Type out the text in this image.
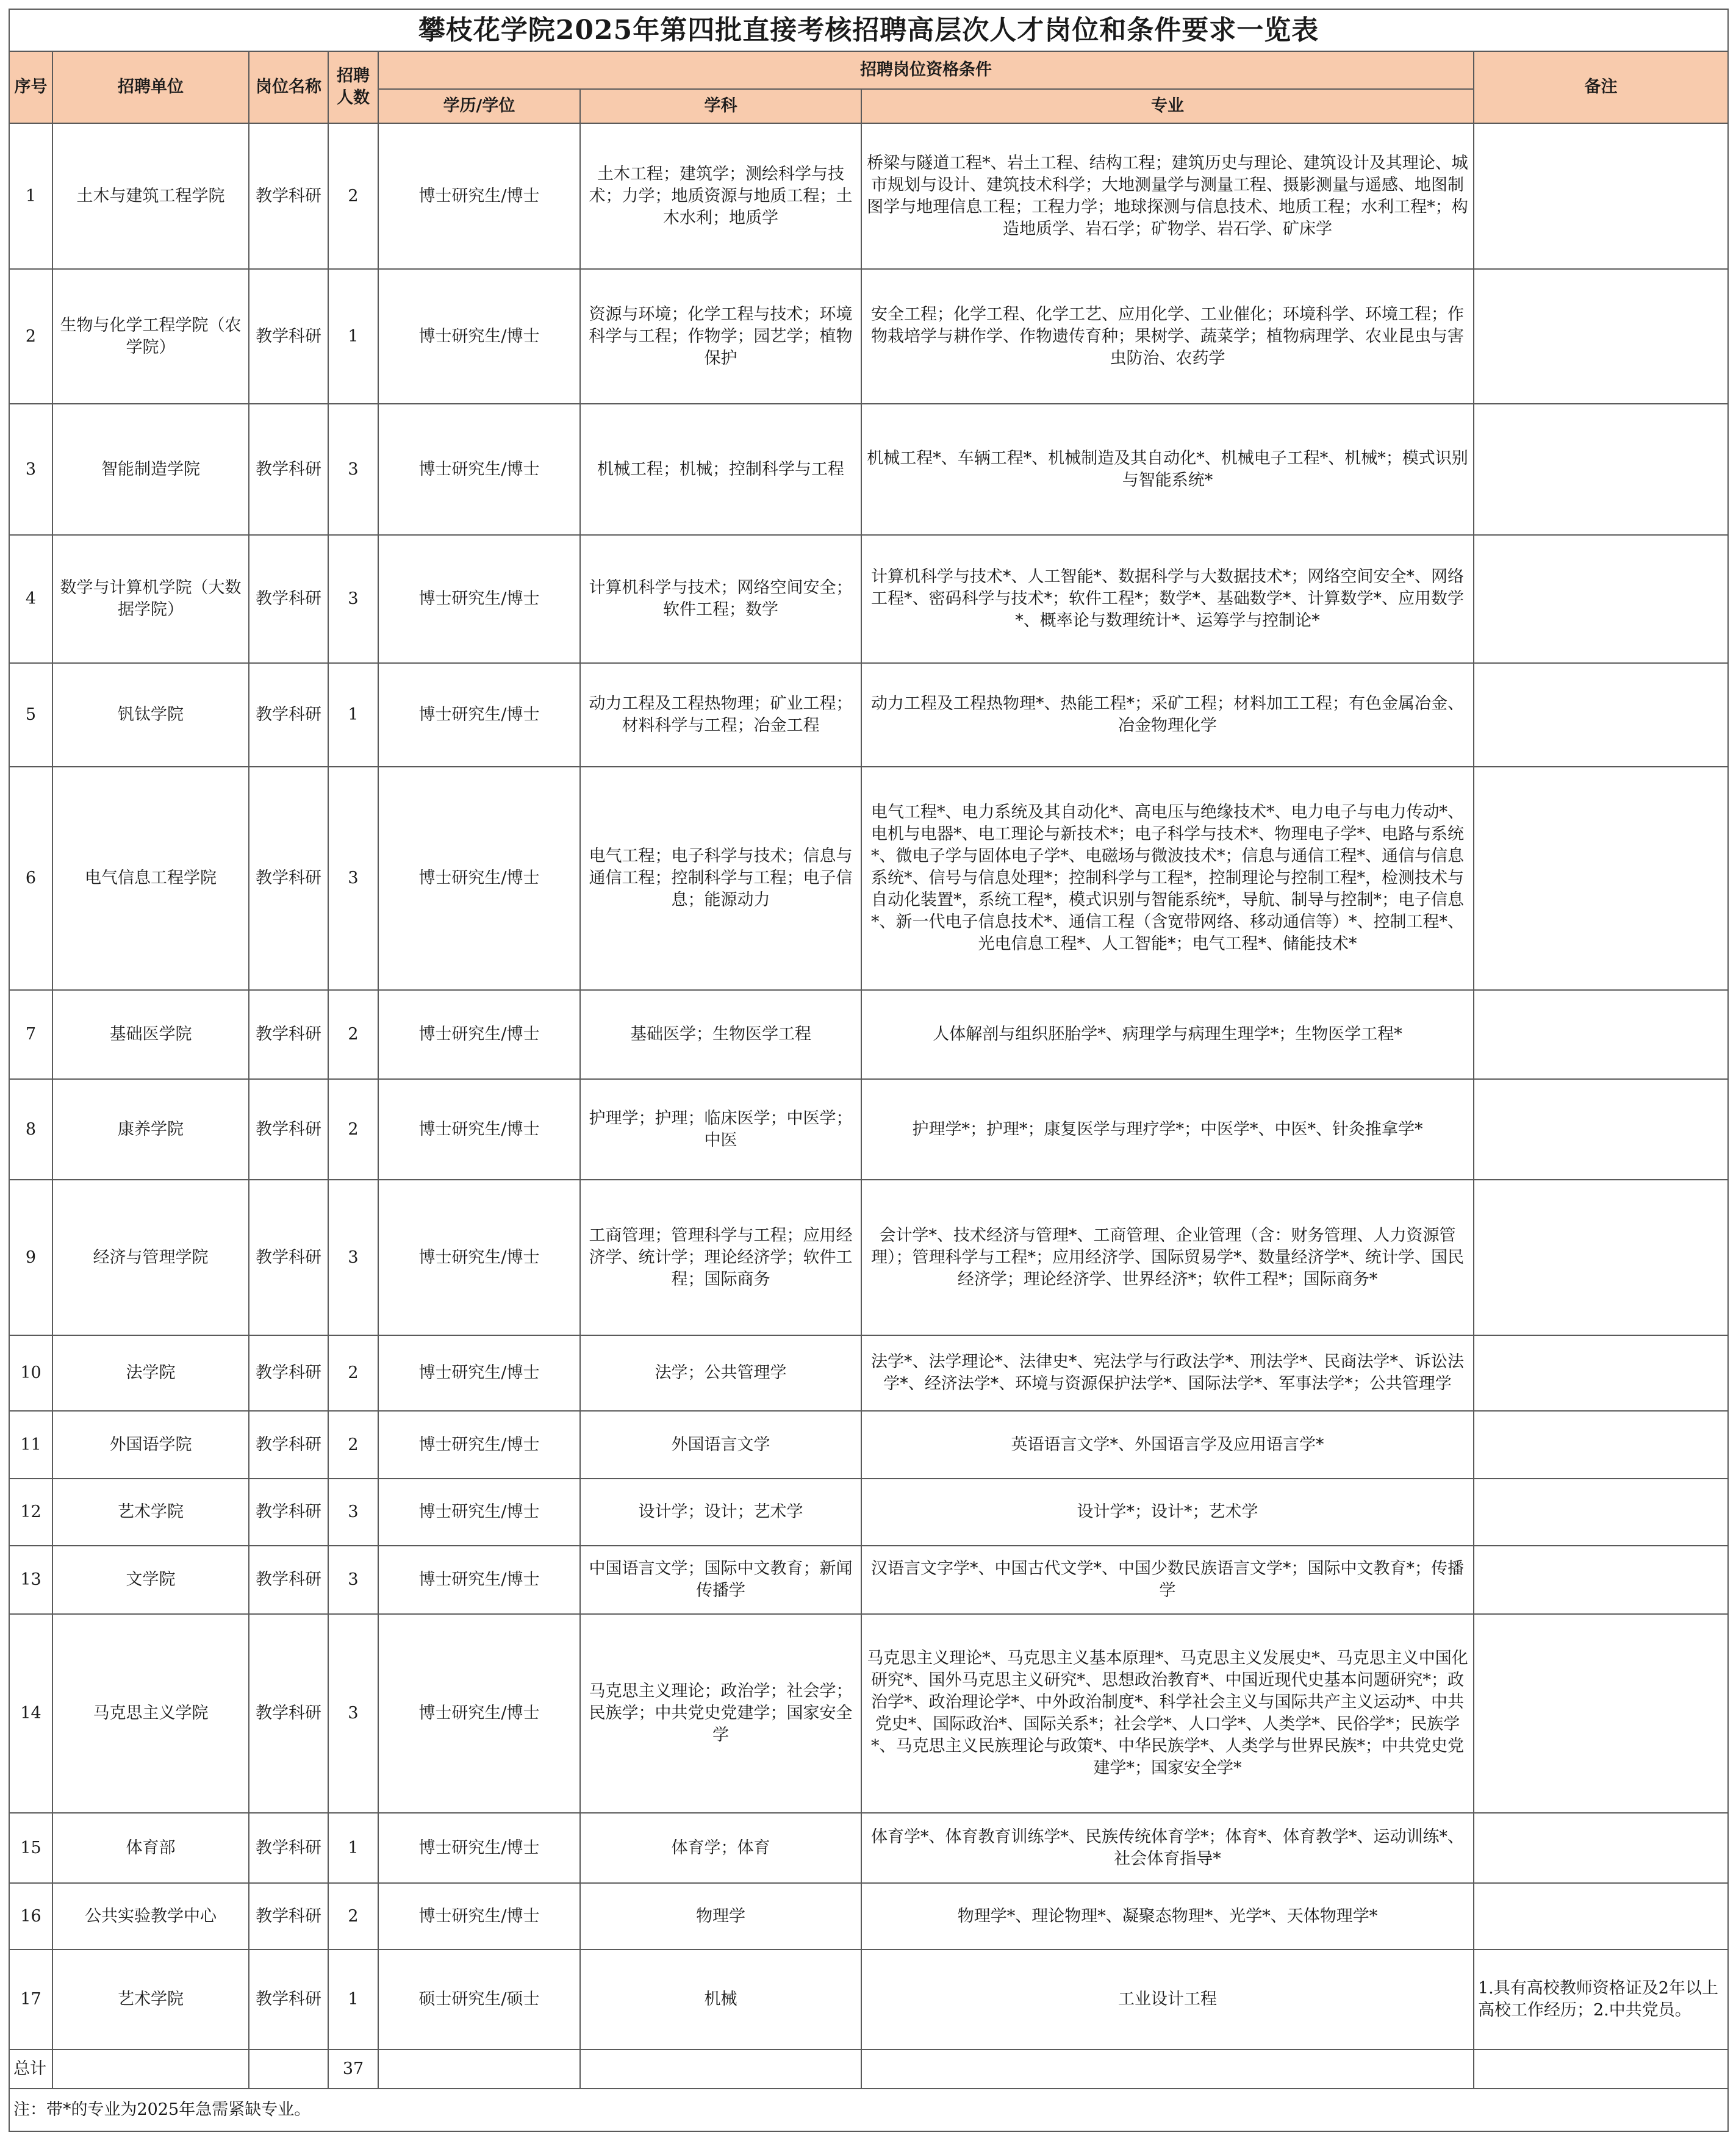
攀枝花学院2025年第四批直接考核招聘高层次人才岗位和条件要求一览表							
序号	招聘单位	岗位名称	招聘人数	招聘岗位资格条件			备注
				学历/学位	学科	专业	
1	土木与建筑工程学院	教学科研	2	博士研究生/博士	土木工程；建筑学；测绘科学与技术；力学；地质资源与地质工程；土木水利；地质学	桥梁与隧道工程*、岩土工程、结构工程；建筑历史与理论、建筑设计及其理论、城市规划与设计、建筑技术科学；大地测量学与测量工程、摄影测量与遥感、地图制图学与地理信息工程；工程力学；地球探测与信息技术、地质工程；水利工程*；构造地质学、岩石学；矿物学、岩石学、矿床学	
2	生物与化学工程学院（农学院）	教学科研	1	博士研究生/博士	资源与环境；化学工程与技术；环境科学与工程；作物学；园艺学；植物保护	安全工程；化学工程、化学工艺、应用化学、工业催化；环境科学、环境工程；作物栽培学与耕作学、作物遗传育种；果树学、蔬菜学；植物病理学、农业昆虫与害虫防治、农药学	
3	智能制造学院	教学科研	3	博士研究生/博士	机械工程；机械；控制科学与工程	机械工程*、车辆工程*、机械制造及其自动化*、机械电子工程*、机械*；模式识别与智能系统*	
4	数学与计算机学院（大数据学院）	教学科研	3	博士研究生/博士	计算机科学与技术；网络空间安全；软件工程；数学	计算机科学与技术*、人工智能*、数据科学与大数据技术*；网络空间安全*、网络工程*、密码科学与技术*；软件工程*；数学*、基础数学*、计算数学*、应用数学*、概率论与数理统计*、运筹学与控制论*	
5	钒钛学院	教学科研	1	博士研究生/博士	动力工程及工程热物理；矿业工程；材料科学与工程；冶金工程	动力工程及工程热物理*、热能工程*；采矿工程；材料加工工程；有色金属冶金、冶金物理化学	
6	电气信息工程学院	教学科研	3	博士研究生/博士	电气工程；电子科学与技术；信息与通信工程；控制科学与工程；电子信息；能源动力	电气工程*、电力系统及其自动化*、高电压与绝缘技术*、电力电子与电力传动*、电机与电器*、电工理论与新技术*；电子科学与技术*、物理电子学*、电路与系统*、微电子学与固体电子学*、电磁场与微波技术*；信息与通信工程*、通信与信息系统*、信号与信息处理*；控制科学与工程*，控制理论与控制工程*，检测技术与自动化装置*，系统工程*，模式识别与智能系统*，导航、制导与控制*；电子信息*、新一代电子信息技术*、通信工程（含宽带网络、移动通信等）*、控制工程*、光电信息工程*、人工智能*；电气工程*、储能技术*	
7	基础医学院	教学科研	2	博士研究生/博士	基础医学；生物医学工程	人体解剖与组织胚胎学*、病理学与病理生理学*；生物医学工程*	
8	康养学院	教学科研	2	博士研究生/博士	护理学；护理；临床医学；中医学；中医	护理学*；护理*；康复医学与理疗学*；中医学*、中医*、针灸推拿学*	
9	经济与管理学院	教学科研	3	博士研究生/博士	工商管理；管理科学与工程；应用经济学、统计学；理论经济学；软件工程；国际商务	会计学*、技术经济与管理*、工商管理、企业管理（含：财务管理、人力资源管理）；管理科学与工程*；应用经济学、国际贸易学*、数量经济学*、统计学、国民经济学；理论经济学、世界经济*；软件工程*；国际商务*	
10	法学院	教学科研	2	博士研究生/博士	法学；公共管理学	法学*、法学理论*、法律史*、宪法学与行政法学*、刑法学*、民商法学*、诉讼法学*、经济法学*、环境与资源保护法学*、国际法学*、军事法学*；公共管理学	
11	外国语学院	教学科研	2	博士研究生/博士	外国语言文学	英语语言文学*、外国语言学及应用语言学*	
12	艺术学院	教学科研	3	博士研究生/博士	设计学；设计；艺术学	设计学*；设计*；艺术学	
13	文学院	教学科研	3	博士研究生/博士	中国语言文学；国际中文教育；新闻传播学	汉语言文字学*、中国古代文学*、中国少数民族语言文学*；国际中文教育*；传播学	
14	马克思主义学院	教学科研	3	博士研究生/博士	马克思主义理论；政治学；社会学；民族学；中共党史党建学；国家安全学	马克思主义理论*、马克思主义基本原理*、马克思主义发展史*、马克思主义中国化研究*、国外马克思主义研究*、思想政治教育*、中国近现代史基本问题研究*；政治学*、政治理论学*、中外政治制度*、科学社会主义与国际共产主义运动*、中共党史*、国际政治*、国际关系*；社会学*、人口学*、人类学*、民俗学*；民族学*、马克思主义民族理论与政策*、中华民族学*、人类学与世界民族*；中共党史党建学*；国家安全学*	
15	体育部	教学科研	1	博士研究生/博士	体育学；体育	体育学*、体育教育训练学*、民族传统体育学*；体育*、体育教学*、运动训练*、社会体育指导*	
16	公共实验教学中心	教学科研	2	博士研究生/博士	物理学	物理学*、理论物理*、凝聚态物理*、光学*、天体物理学*	
17	艺术学院	教学科研	1	硕士研究生/硕士	机械	工业设计工程	1.具有高校教师资格证及2年以上高校工作经历；2.中共党员。
总计			37				
注：带*的专业为2025年急需紧缺专业。							
